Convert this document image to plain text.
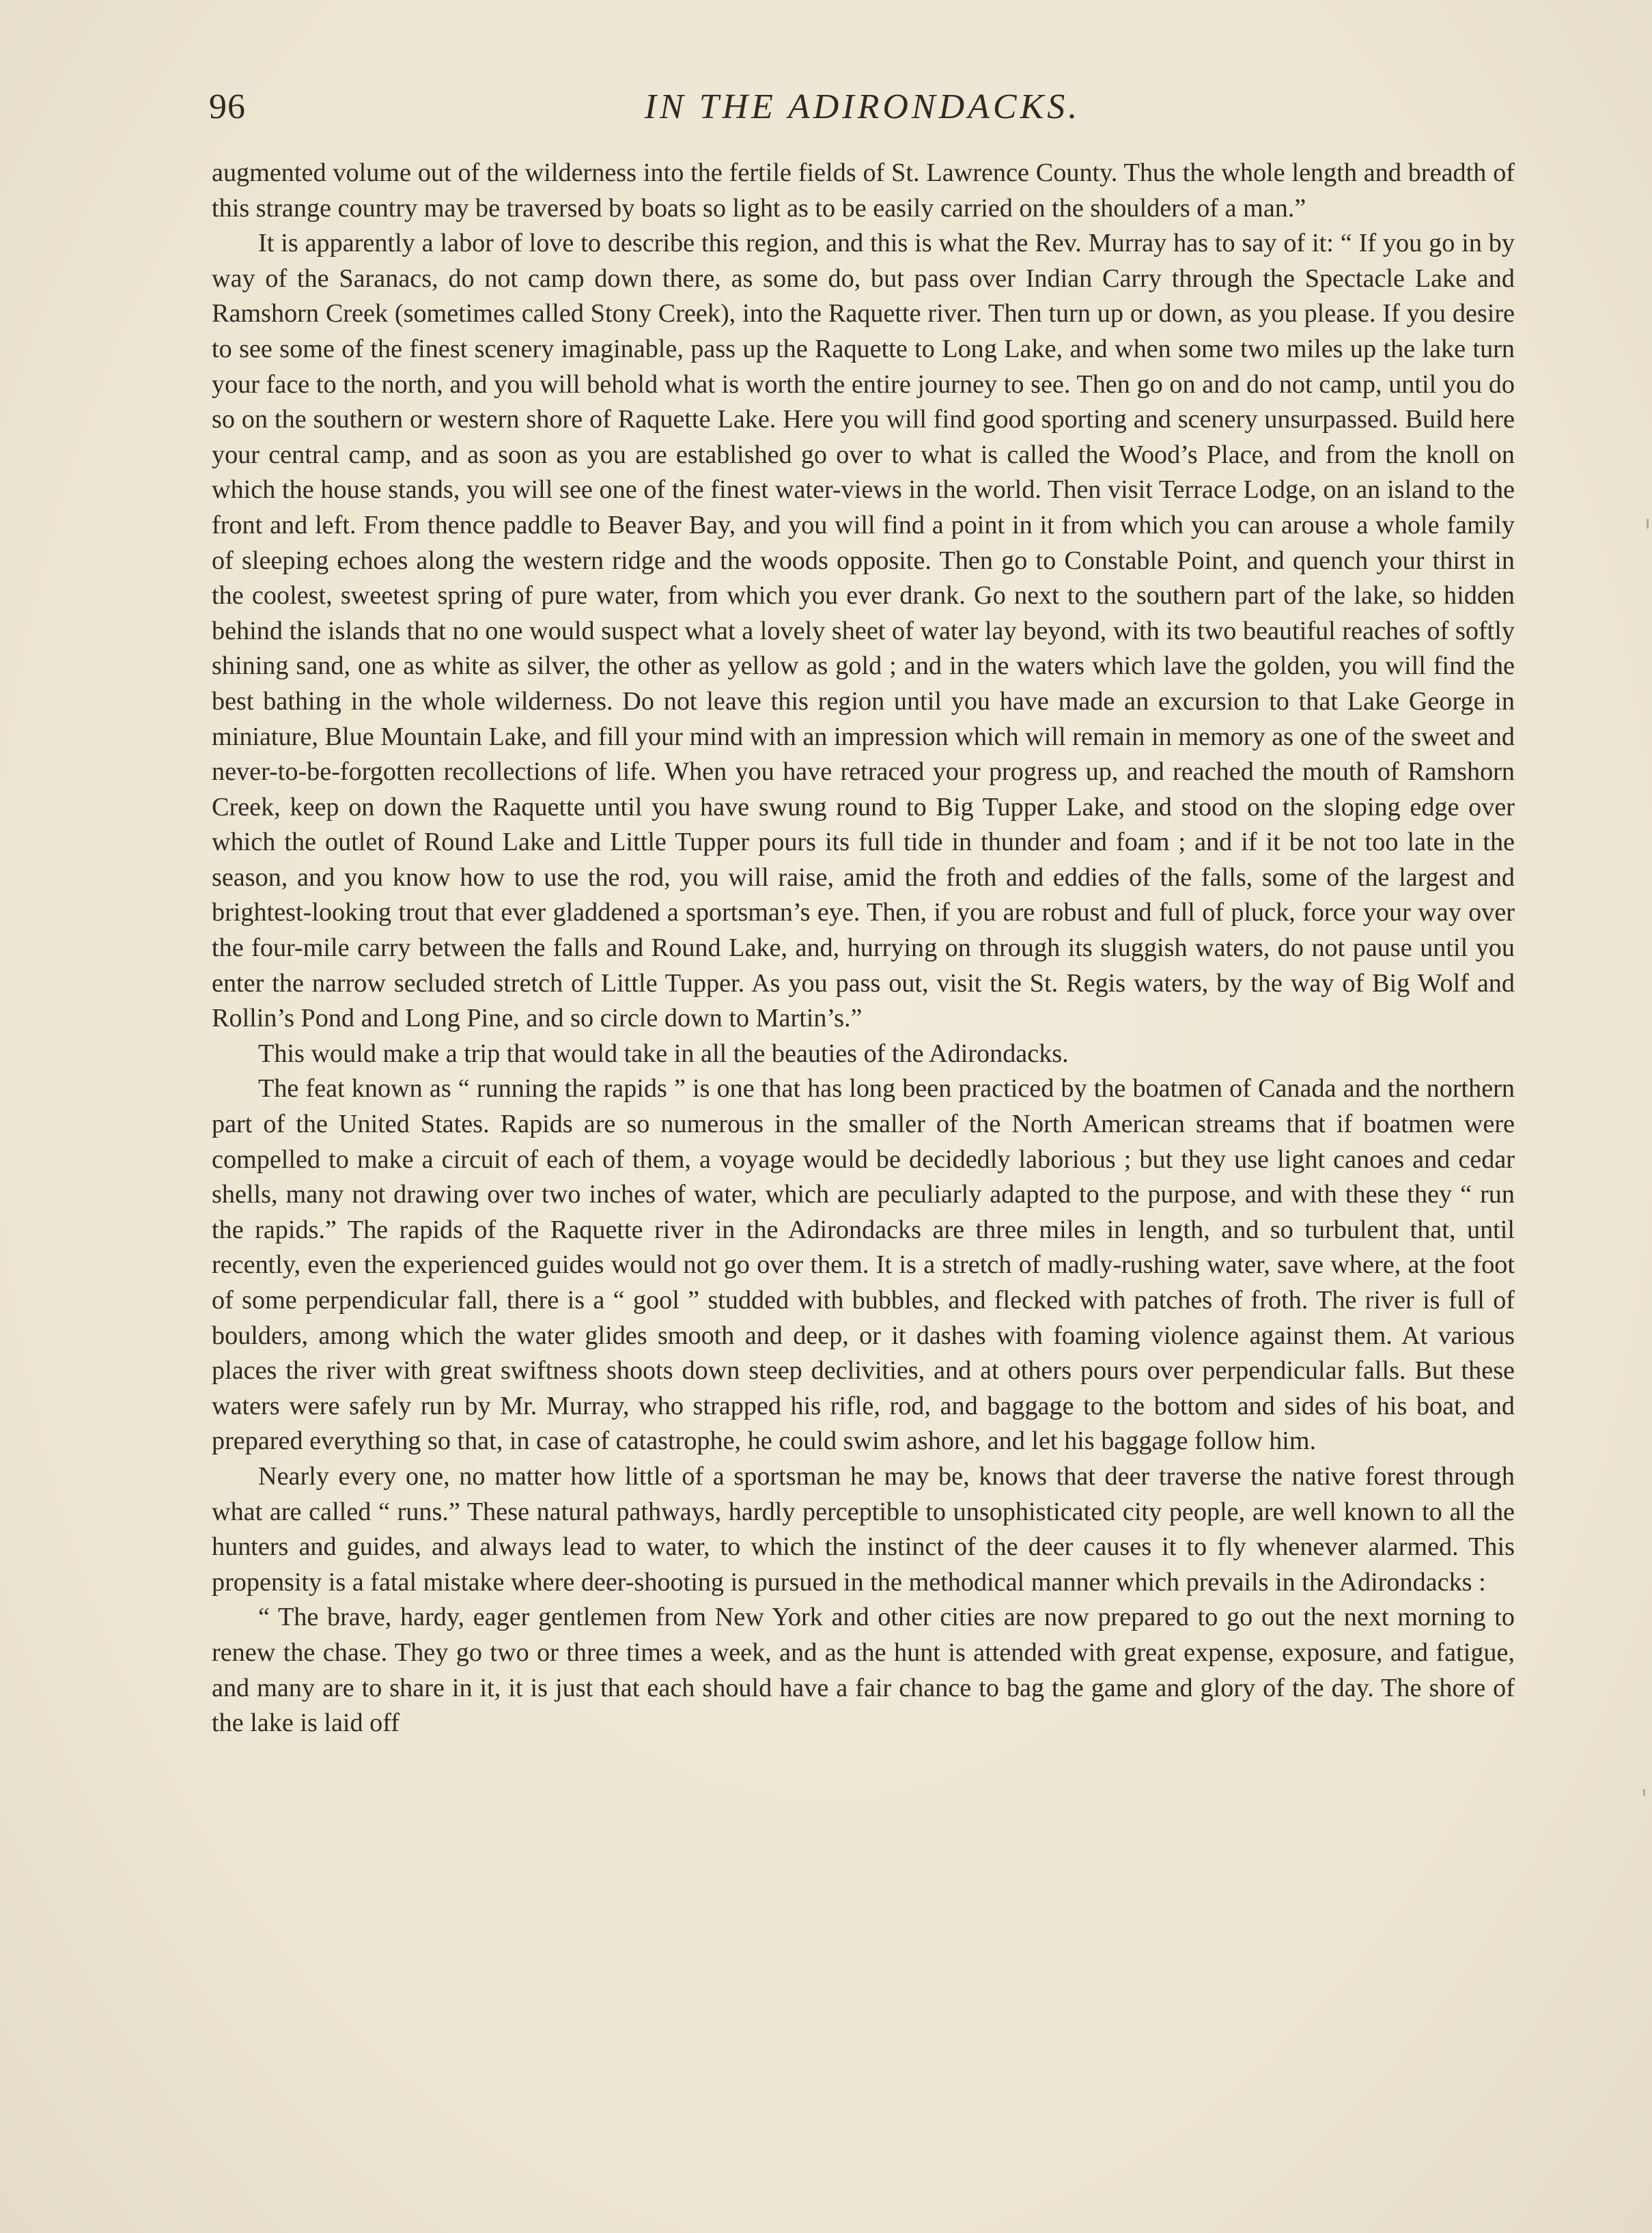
96	IN THE ADIRONDACKS.

augmented volume out of the wilderness into the fertile fields of St. Lawrence County. Thus the whole length and breadth of this strange country may be traversed by boats so light as to be easily carried on the shoulders of a man.”

It is apparently a labor of love to describe this region, and this is what the Rev. Murray has to say of it: “ If you go in by way of the Saranacs, do not camp down there, as some do, but pass over Indian Carry through the Spectacle Lake and Ramshorn Creek (sometimes called Stony Creek), into the Raquette river. Then turn up or down, as you please. If you desire to see some of the finest scenery imaginable, pass up the Raquette to Long Lake, and when some two miles up the lake turn your face to the north, and you will behold what is worth the entire journey to see. Then go on and do not camp, until you do so on the southern or western shore of Raquette Lake. Here you will find good sporting and scenery unsurpassed. Build here your central camp, and as soon as you are established go over to what is called the Wood’s Place, and from the knoll on which the house stands, you will see one of the finest water-views in the world. Then visit Terrace Lodge, on an island to the front and left. From thence paddle to Beaver Bay, and you will find a point in it from which you can arouse a whole family of sleeping echoes along the western ridge and the woods opposite. Then go to Constable Point, and quench your thirst in the coolest, sweetest spring of pure water, from which you ever drank. Go next to the southern part of the lake, so hidden behind the islands that no one would suspect what a lovely sheet of water lay beyond, with its two beautiful reaches of softly shining sand, one as white as silver, the other as yellow as gold ; and in the waters which lave the golden, you will find the best bathing in the whole wilderness. Do not leave this region until you have made an excursion to that Lake George in miniature, Blue Mountain Lake, and fill your mind with an impression which will remain in memory as one of the sweet and never-to-be-forgotten recollections of life. When you have retraced your progress up, and reached the mouth of Ramshorn Creek, keep on down the Raquette until you have swung round to Big Tupper Lake, and stood on the sloping edge over which the outlet of Round Lake and Little Tupper pours its full tide in thunder and foam ; and if it be not too late in the season, and you know how to use the rod, you will raise, amid the froth and eddies of the falls, some of the largest and brightest-looking trout that ever gladdened a sportsman’s eye. Then, if you are robust and full of pluck, force your way over the four-mile carry between the falls and Round Lake, and, hurrying on through its sluggish waters, do not pause until you enter the narrow secluded stretch of Little Tupper. As you pass out, visit the St. Regis waters, by the way of Big Wolf and Rollin’s Pond and Long Pine, and so circle down to Martin’s.”

This would make a trip that would take in all the beauties of the Adirondacks.

The feat known as “ running the rapids ” is one that has long been practiced by the boatmen of Canada and the northern part of the United States. Rapids are so numerous in the smaller of the North American streams that if boatmen were compelled to make a circuit of each of them, a voyage would be decidedly laborious ; but they use light canoes and cedar shells, many not drawing over two inches of water, which are peculiarly adapted to the purpose, and with these they “ run the rapids.” The rapids of the Raquette river in the Adirondacks are three miles in length, and so turbulent that, until recently, even the experienced guides would not go over them. It is a stretch of madly-rushing water, save where, at the foot of some perpendicular fall, there is a “ gool ” studded with bubbles, and flecked with patches of froth. The river is full of boulders, among which the water glides smooth and deep, or it dashes with foaming violence against them. At various places the river with great swiftness shoots down steep declivities, and at others pours over perpendicular falls. But these waters were safely run by Mr. Murray, who strapped his rifle, rod, and baggage to the bottom and sides of his boat, and prepared everything so that, in case of catastrophe, he could swim ashore, and let his baggage follow him.

Nearly every one, no matter how little of a sportsman he may be, knows that deer traverse the native forest through what are called “ runs.” These natural pathways, hardly perceptible to unsophisticated city people, are well known to all the hunters and guides, and always lead to water, to which the instinct of the deer causes it to fly whenever alarmed. This propensity is a fatal mistake where deer-shooting is pursued in the methodical manner which prevails in the Adirondacks :

“ The brave, hardy, eager gentlemen from New York and other cities are now prepared to go out the next morning to renew the chase. They go two or three times a week, and as the hunt is attended with great expense, exposure, and fatigue, and many are to share in it, it is just that each should have a fair chance to bag the game and glory of the day. The shore of the lake is laid off
